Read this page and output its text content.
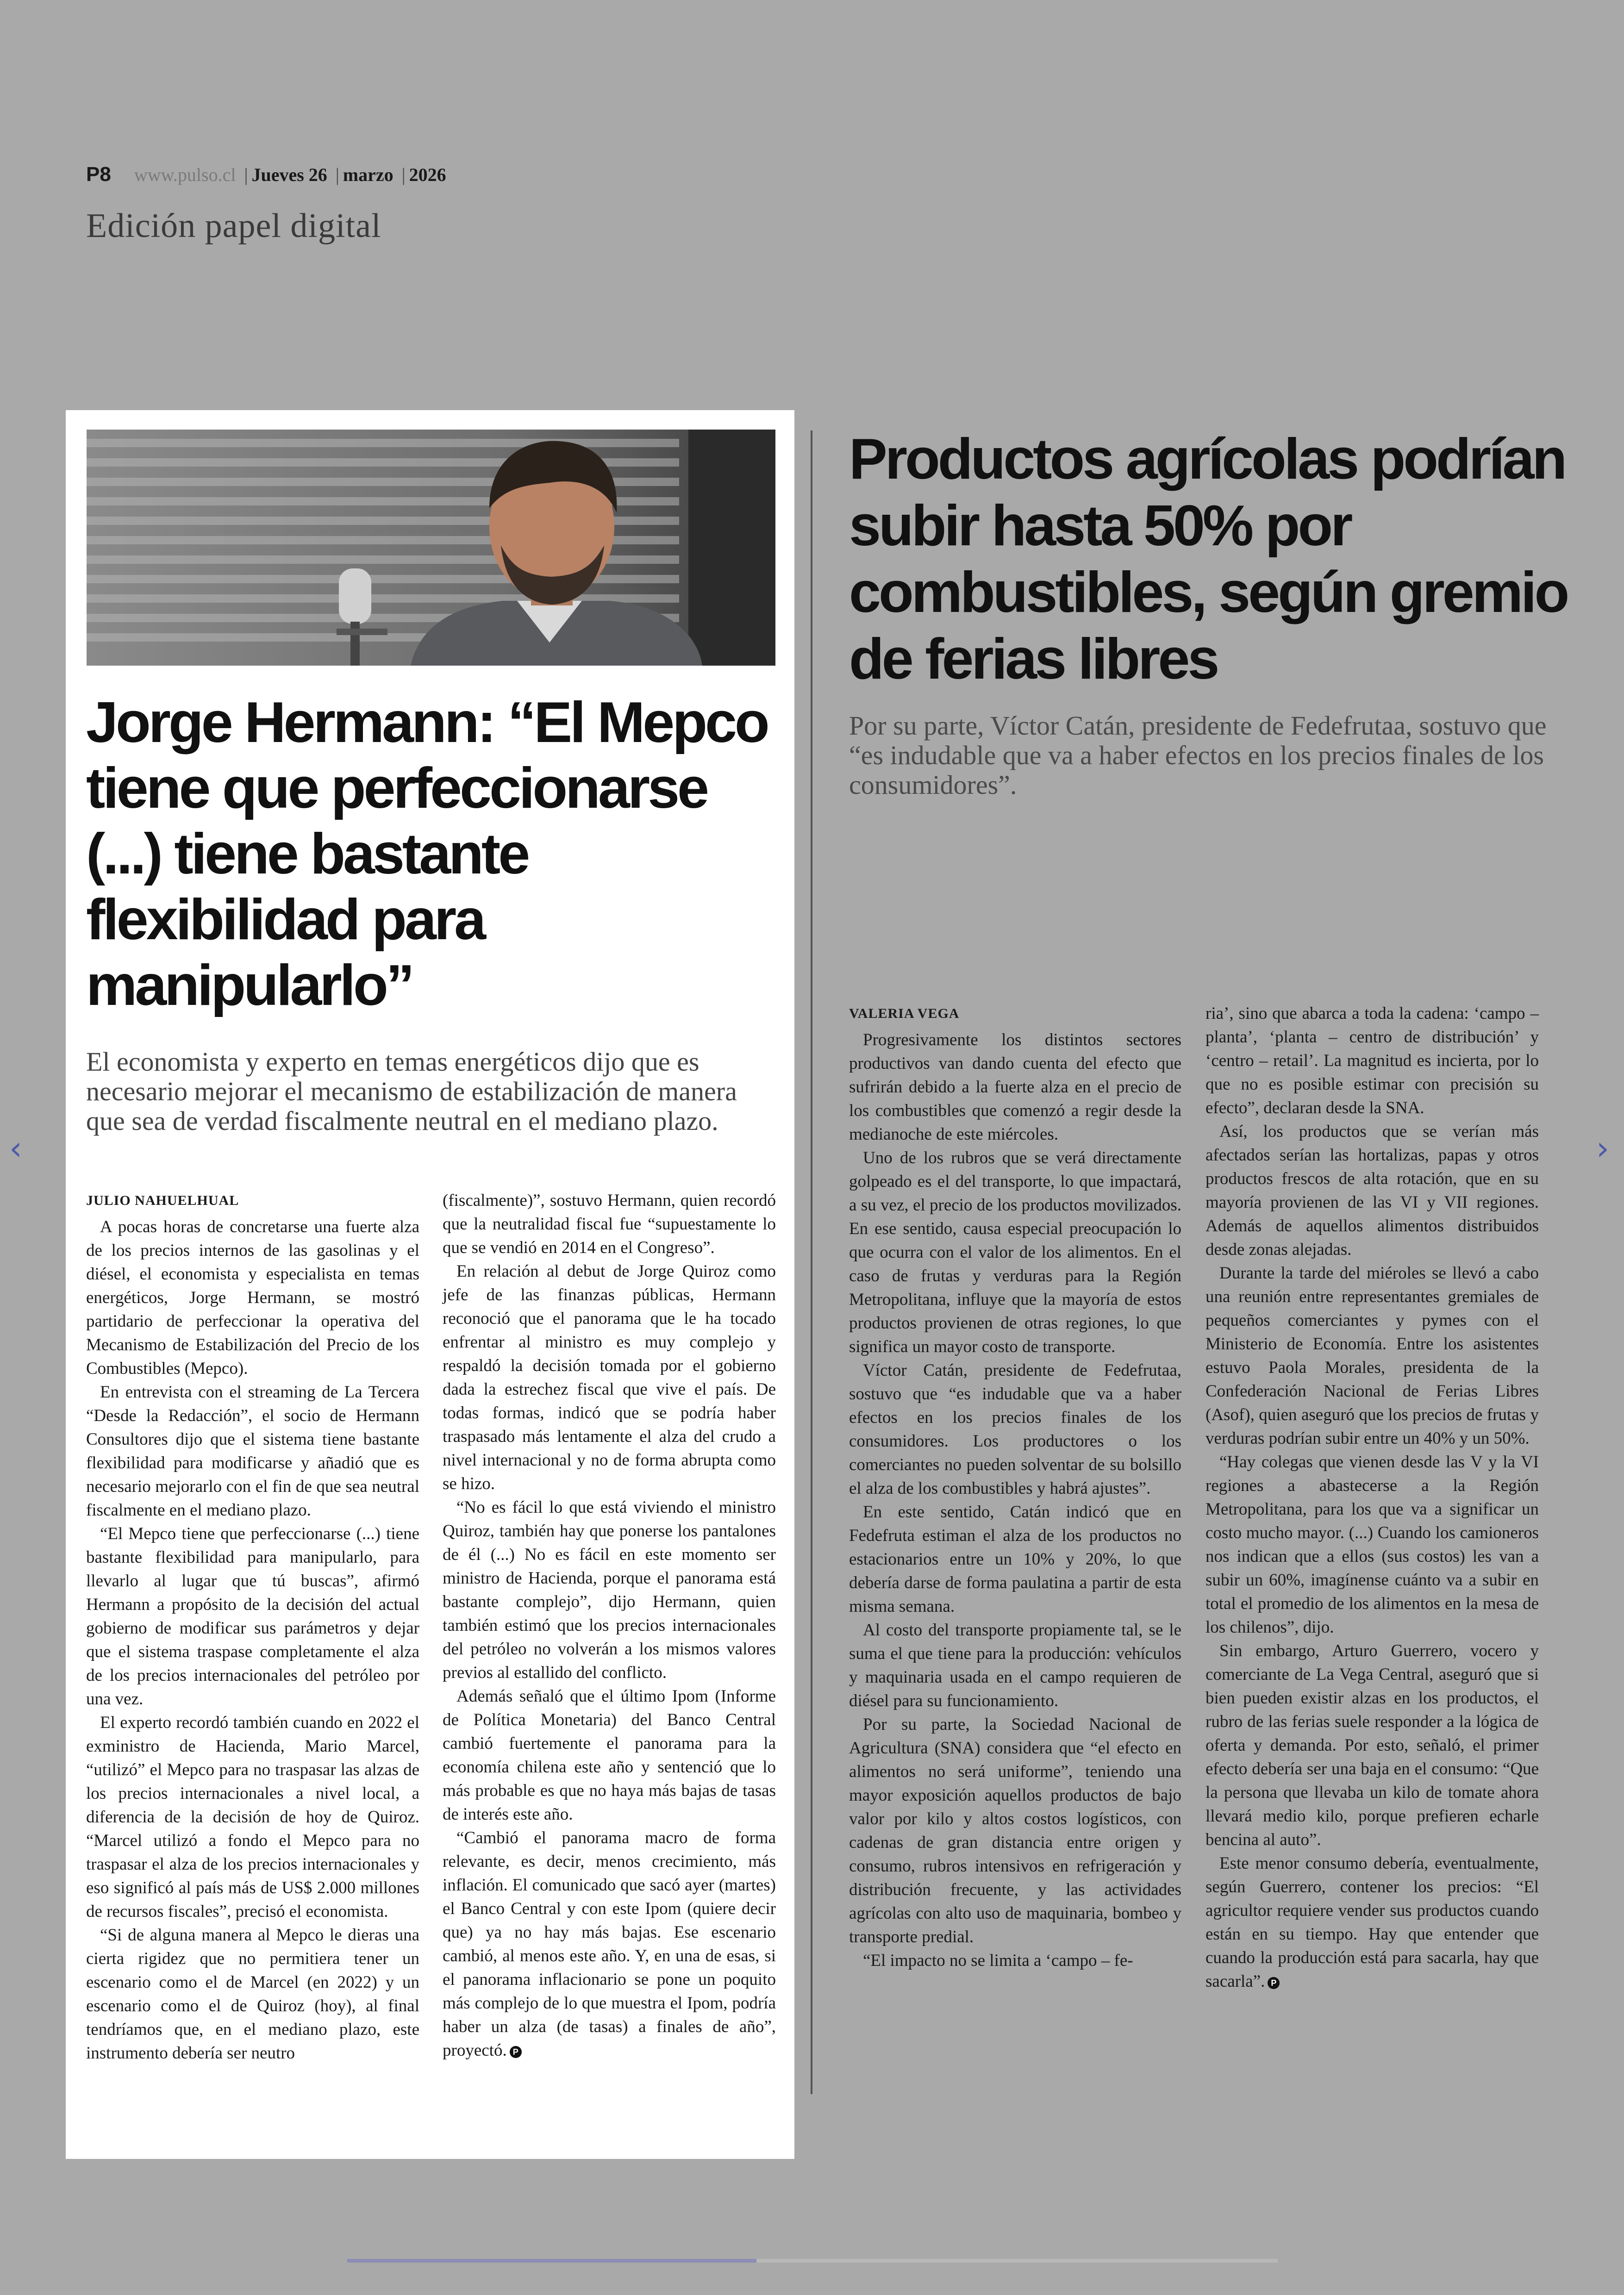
P8 www.pulso.cl | Jueves 26 | marzo | 2026
Edición papel digital
Jorge Hermann: “El Mepco tiene que perfeccionarse (...) tiene bastante flexibilidad para manipularlo”

El economista y experto en temas energéticos dijo que es necesario mejorar el mecanismo de estabilización de manera que sea de verdad fiscalmente neutral en el mediano plazo.

JULIO NAHUELHUAL

A pocas horas de concretarse una fuerte alza de los precios internos de las gasolinas y el diésel, el economista y especialista en temas energéticos, Jorge Hermann, se mostró partidario de perfeccionar la operativa del Mecanismo de Estabilización del Precio de los Combustibles (Mepco).

En entrevista con el streaming de La Tercera “Desde la Redacción”, el socio de Hermann Consultores dijo que el sistema tiene bastante flexibilidad para modificarse y añadió que es necesario mejorarlo con el fin de que sea neutral fiscalmente en el mediano plazo.

“El Mepco tiene que perfeccionarse (...) tiene bastante flexibilidad para manipularlo, para llevarlo al lugar que tú buscas”, afirmó Hermann a propósito de la decisión del actual gobierno de modificar sus parámetros y dejar que el sistema traspase completamente el alza de los precios internacionales del petróleo por una vez.

El experto recordó también cuando en 2022 el exministro de Hacienda, Mario Marcel, “utilizó” el Mepco para no traspasar las alzas de los precios internacionales a nivel local, a diferencia de la decisión de hoy de Quiroz. “Marcel utilizó a fondo el Mepco para no traspasar el alza de los precios internacionales y eso significó al país más de US$ 2.000 millones de recursos fiscales”, precisó el economista.

“Si de alguna manera al Mepco le dieras una cierta rigidez que no permitiera tener un escenario como el de Marcel (en 2022) y un escenario como el de Quiroz (hoy), al final tendríamos que, en el mediano plazo, este instrumento debería ser neutro

(fiscalmente)”, sostuvo Hermann, quien recordó que la neutralidad fiscal fue “supuestamente lo que se vendió en 2014 en el Congreso”.

En relación al debut de Jorge Quiroz como jefe de las finanzas públicas, Hermann reconoció que el panorama que le ha tocado enfrentar al ministro es muy complejo y respaldó la decisión tomada por el gobierno dada la estrechez fiscal que vive el país. De todas formas, indicó que se podría haber traspasado más lentamente el alza del crudo a nivel internacional y no de forma abrupta como se hizo.

“No es fácil lo que está viviendo el ministro Quiroz, también hay que ponerse los pantalones de él (...) No es fácil en este momento ser ministro de Hacienda, porque el panorama está bastante complejo”, dijo Hermann, quien también estimó que los precios internacionales del petróleo no volverán a los mismos valores previos al estallido del conflicto.

Además señaló que el último Ipom (Informe de Política Monetaria) del Banco Central cambió fuertemente el panorama para la economía chilena este año y sentenció que lo más probable es que no haya más bajas de tasas de interés este año.

“Cambió el panorama macro de forma relevante, es decir, menos crecimiento, más inflación. El comunicado que sacó ayer (martes) el Banco Central y con este Ipom (quiere decir que) ya no hay más bajas. Ese escenario cambió, al menos este año. Y, en una de esas, si el panorama inflacionario se pone un poquito más complejo de lo que muestra el Ipom, podría haber un alza (de tasas) a finales de año”, proyectó. P

Productos agrícolas podrían subir hasta 50% por combustibles, según gremio de ferias libres

Por su parte, Víctor Catán, presidente de Fedefrutaa, sostuvo que “es indudable que va a haber efectos en los precios finales de los consumidores”.

VALERIA VEGA

Progresivamente los distintos sectores productivos van dando cuenta del efecto que sufrirán debido a la fuerte alza en el precio de los combustibles que comenzó a regir desde la medianoche de este miércoles.

Uno de los rubros que se verá directamente golpeado es el del transporte, lo que impactará, a su vez, el precio de los productos movilizados. En ese sentido, causa especial preocupación lo que ocurra con el valor de los alimentos. En el caso de frutas y verduras para la Región Metropolitana, influye que la mayoría de estos productos provienen de otras regiones, lo que significa un mayor costo de transporte.

Víctor Catán, presidente de Fedefrutaa, sostuvo que “es indudable que va a haber efectos en los precios finales de los consumidores. Los productores o los comerciantes no pueden solventar de su bolsillo el alza de los combustibles y habrá ajustes”.

En este sentido, Catán indicó que en Fedefruta estiman el alza de los productos no estacionarios entre un 10% y 20%, lo que debería darse de forma paulatina a partir de esta misma semana.

Al costo del transporte propiamente tal, se le suma el que tiene para la producción: vehículos y maquinaria usada en el campo requieren de diésel para su funcionamiento.

Por su parte, la Sociedad Nacional de Agricultura (SNA) considera que “el efecto en alimentos no será uniforme”, teniendo una mayor exposición aquellos productos de bajo valor por kilo y altos costos logísticos, con cadenas de gran distancia entre origen y consumo, rubros intensivos en refrigeración y distribución frecuente, y las actividades agrícolas con alto uso de maquinaria, bombeo y transporte predial.

“El impacto no se limita a ‘campo – fe-

ria’, sino que abarca a toda la cadena: ‘campo – planta’, ‘planta – centro de distribución’ y ‘centro – retail’. La magnitud es incierta, por lo que no es posible estimar con precisión su efecto”, declaran desde la SNA.

Así, los productos que se verían más afectados serían las hortalizas, papas y otros productos frescos de alta rotación, que en su mayoría provienen de las VI y VII regiones. Además de aquellos alimentos distribuidos desde zonas alejadas.

Durante la tarde del miéroles se llevó a cabo una reunión entre representantes gremiales de pequeños comerciantes y pymes con el Ministerio de Economía. Entre los asistentes estuvo Paola Morales, presidenta de la Confederación Nacional de Ferias Libres (Asof), quien aseguró que los precios de frutas y verduras podrían subir entre un 40% y un 50%.

“Hay colegas que vienen desde las V y la VI regiones a abastecerse a la Región Metropolitana, para los que va a significar un costo mucho mayor. (...) Cuando los camioneros nos indican que a ellos (sus costos) les van a subir un 60%, imagínense cuánto va a subir en total el promedio de los alimentos en la mesa de los chilenos”, dijo.

Sin embargo, Arturo Guerrero, vocero y comerciante de La Vega Central, aseguró que si bien pueden existir alzas en los productos, el rubro de las ferias suele responder a la lógica de oferta y demanda. Por esto, señaló, el primer efecto debería ser una baja en el consumo: “Que la persona que llevaba un kilo de tomate ahora llevará medio kilo, porque prefieren echarle bencina al auto”.

Este menor consumo debería, eventualmente, según Guerrero, contener los precios: “El agricultor requiere vender sus productos cuando están en su tiempo. Hay que entender que cuando la producción está para sacarla, hay que sacarla”. P

‹	›
